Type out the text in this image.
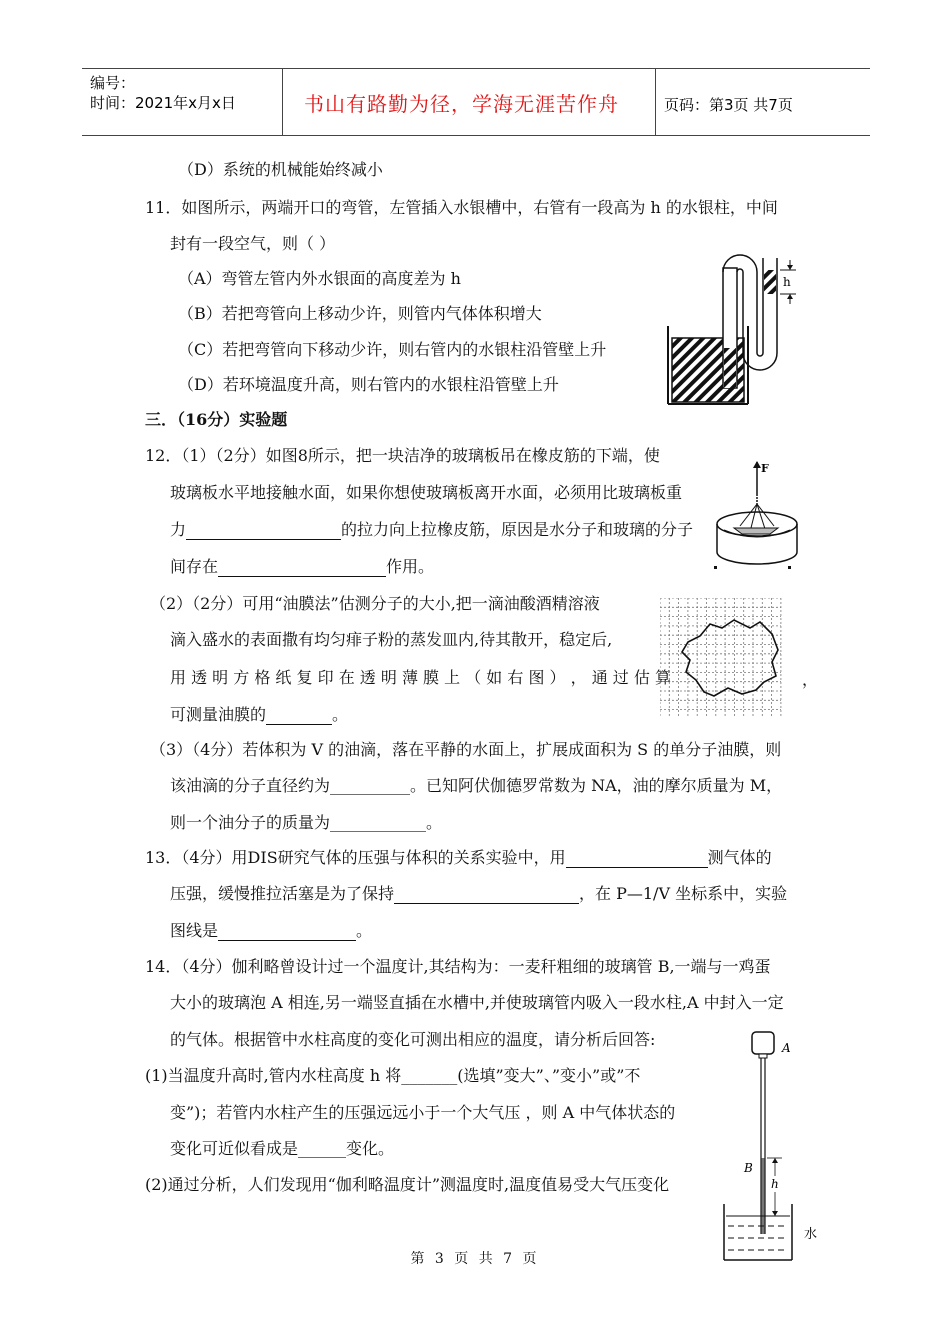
编号：
时间：2021年x月x日	书山有路勤为径，学海无涯苦作舟	页码：第3页 共7页
（D）系统的机械能始终减小
11．如图所示，两端开口的弯管，左管插入水银槽中，右管有一段高为 h 的水银柱，中间
封有一段空气，则（ ）
（A）弯管左管内外水银面的高度差为 h
（B）若把弯管向上移动少许，则管内气体体积增大
（C）若把弯管向下移动少许，则右管内的水银柱沿管壁上升
（D）若环境温度升高，则右管内的水银柱沿管壁上升
h
三．（16分）实验题
12．（1）（2分）如图8所示，把一块洁净的玻璃板吊在橡皮筋的下端，使
玻璃板水平地接触水面，如果你想使玻璃板离开水面，必须用比玻璃板重
力	的拉力向上拉橡皮筋，原因是水分子和玻璃的分子
间存在	作用。
F
（2）（2分）可用“油膜法”估测分子的大小,把一滴油酸酒精溶液
滴入盛水的表面撒有均匀痱子粉的蒸发皿内,待其散开，稳定后,
用 透 明 方 格 纸 复 印 在 透 明 薄 膜 上 （ 如 右 图 ） ， 通 过 估 算	，
可测量油膜的	。
（3）（4分）若体积为 V 的油滴，落在平静的水面上，扩展成面积为 S 的单分子油膜，则
该油滴的分子直径约为__________。已知阿伏伽德罗常数为 NA，油的摩尔质量为 M，
则一个油分子的质量为____________。
13．（4分）用DIS研究气体的压强与体积的关系实验中，用	测气体的
压强，缓慢推拉活塞是为了保持	，在 P—1/V 坐标系中，实验
图线是	。
14．（4分）伽利略曾设计过一个温度计,其结构为：一麦秆粗细的玻璃管 B,一端与一鸡蛋
大小的玻璃泡 A 相连,另一端竖直插在水槽中,并使玻璃管内吸入一段水柱,A 中封入一定
的气体。根据管中水柱高度的变化可测出相应的温度，请分析后回答:
(1)当温度升高时,管内水柱高度 h 将_______(选填”变大”、”变小”或”不
变”)；若管内水柱产生的压强远远小于一个大气压 ，则 A 中气体状态的
变化可近似看成是______变化。
(2)通过分析，人们发现用“伽利略温度计”测温度时,温度值易受大气压变化
A
B
h
水
第 3 页 共 7 页
